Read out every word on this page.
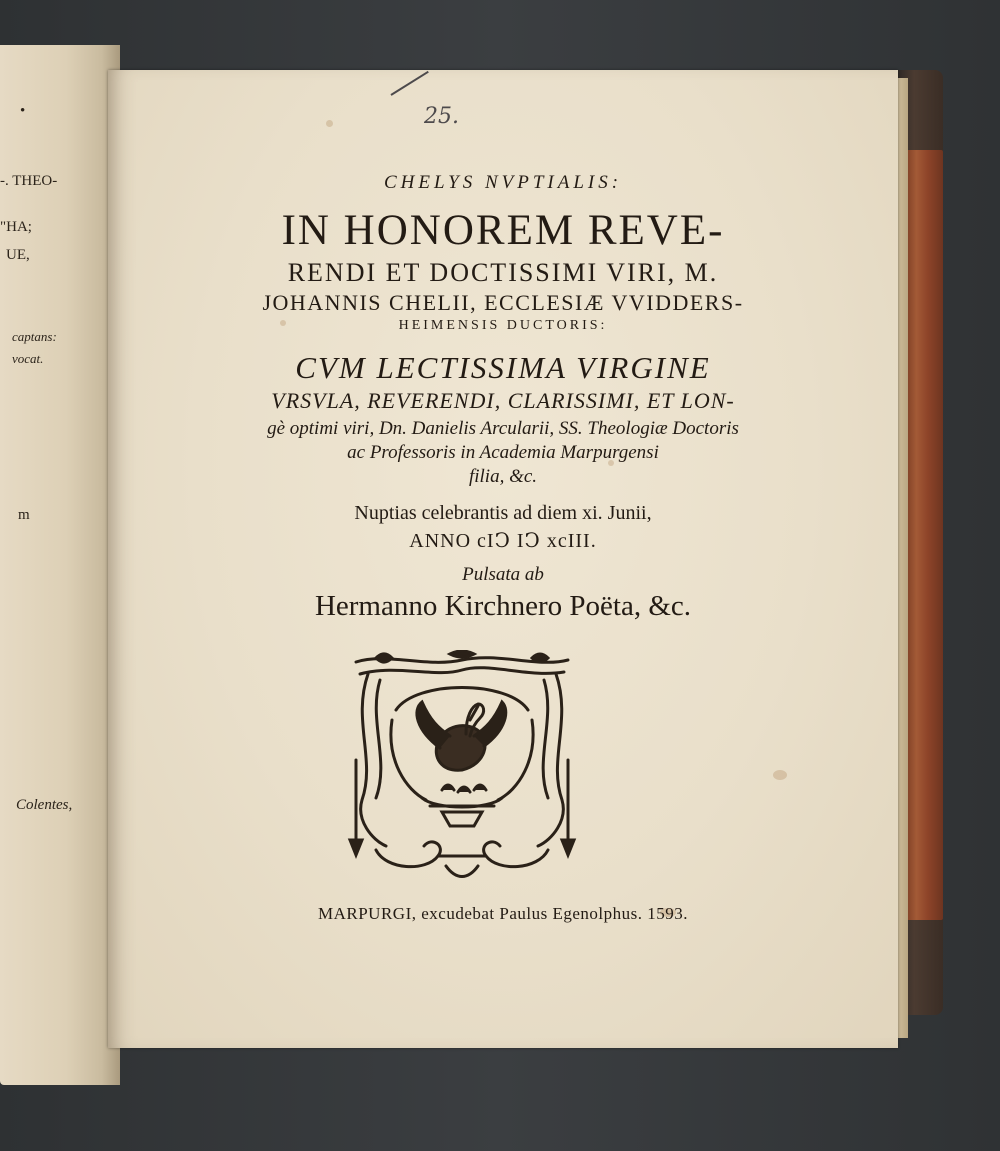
•
-. THEO-
"HA;
UE,
captans:
vocat.
m
Colentes,
25.
CHELYS NVPTIALIS:
IN HONOREM REVE-
RENDI ET DOCTISSIMI VIRI, M.
JOHANNIS CHELII, ECCLESIÆ VVIDDERS-
HEIMENSIS DUCTORIS:
CVM LECTISSIMA VIRGINE
VRSVLA, REVERENDI, CLARISSIMI, ET LON-
gè optimi viri, Dn. Danielis Arcularii, SS. Theologiæ Doctoris
ac Professoris in Academia Marpurgensi
filia, &c.
Nuptias celebrantis ad diem xi. Junii,
ANNO cIↃ IↃ xcIII.
Pulsata ab
Hermanno Kirchnero Poëta, &c.
MARPURGI, excudebat Paulus Egenolphus. 1593.
